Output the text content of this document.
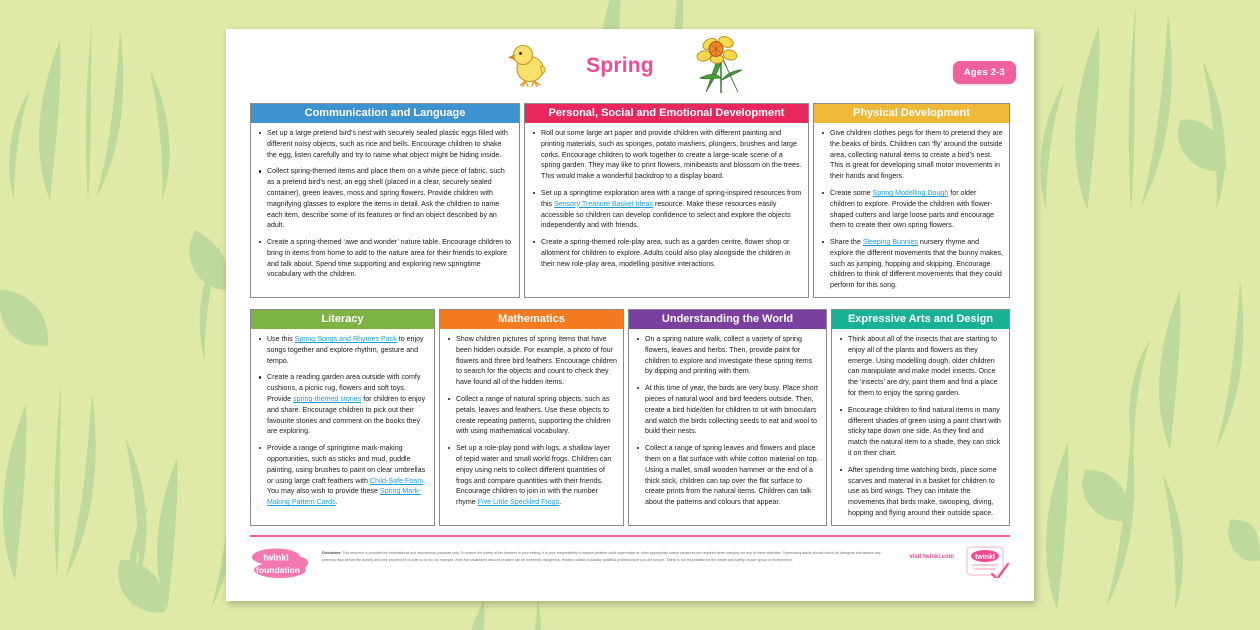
Spring	Ages 2-3
Communication and Language
Set up a large pretend bird’s nest with securely sealed plastic eggs filled with different noisy objects, such as rice and bells. Encourage children to shake the egg, listen carefully and try to name what object might be hiding inside.
Collect spring-themed items and place them on a white piece of fabric, such as a pretend bird’s nest, an egg shell (placed in a clear, securely sealed container), green leaves, moss and spring flowers. Provide children with magnifying glasses to explore the items in detail. Ask the children to name each item, describe some of its features or find an object described by an adult.
Create a spring-themed ‘awe and wonder’ nature table. Encourage children to bring in items from home to add to the nature area for their friends to explore and talk about. Spend time supporting and exploring new springtime vocabulary with the children.
Personal, Social and Emotional Development
Roll out some large art paper and provide children with different painting and printing materials, such as sponges, potato mashers, plungers, brushes and large corks. Encourage children to work together to create a large-scale scene of a spring garden. They may like to print flowers, minibeasts and blossom on the trees. This would make a wonderful backdrop to a display board.
Set up a springtime exploration area with a range of spring-inspired resources from this Sensory Treasure Basket Ideas resource. Make these resources easily accessible so children can develop confidence to select and explore the objects independently and with friends.
Create a spring-themed role-play area, such as a garden centre, flower shop or allotment for children to explore. Adults could also play alongside the children in their new role-play area, modelling positive interactions.
Physical Development
Give children clothes pegs for them to pretend they are the beaks of birds. Children can ‘fly’ around the outside area, collecting natural items to create a bird’s nest. This is great for developing small motor movements in their hands and fingers.
Create some Spring Modelling Dough for older children to explore. Provide the children with flower-shaped cutters and large loose parts and encourage them to create their own spring flowers.
Share the Sleeping Bunnies nursery rhyme and explore the different movements that the bunny makes, such as jumping, hopping and skipping. Encourage children to think of different movements that they could perform for this song.
Literacy
Use this Spring Songs and Rhymes Pack to enjoy songs together and explore rhythm, gesture and tempo.
Create a reading garden area outside with comfy cushions, a picnic rug, flowers and soft toys. Provide spring-themed stories for children to enjoy and share. Encourage children to pick out their favourite stories and comment on the books they are exploring.
Provide a range of springtime mark-making opportunities, such as sticks and mud, puddle painting, using brushes to paint on clear umbrellas or using large craft feathers with Child-Safe Foam. You may also wish to provide these Spring Mark-Making Pattern Cards.
Mathematics
Show children pictures of spring items that have been hidden outside. For example, a photo of four flowers and three bird feathers. Encourage children to search for the objects and count to check they have found all of the hidden items.
Collect a range of natural spring objects, such as petals, leaves and feathers. Use these objects to create repeating patterns, supporting the children with using mathematical vocabulary.
Set up a role-play pond with logs, a shallow layer of tepid water and small world frogs. Children can enjoy using nets to collect different quantities of frogs and compare quantities with their friends. Encourage children to join in with the number rhyme Five Little Speckled Frogs.
Understanding the World
On a spring nature walk, collect a variety of spring flowers, leaves and herbs. Then, provide paint for children to explore and investigate these spring items by dipping and printing with them.
At this time of year, the birds are very busy. Place short pieces of natural wool and bird feeders outside. Then, create a bird hide/den for children to sit with binoculars and watch the birds collecting seeds to eat and wool to build their nests.
Collect a range of spring leaves and flowers and place them on a flat surface with white cotton material on top. Using a mallet, small wooden hammer or the end of a thick stick, children can tap over the flat surface to create prints from the natural items. Children can talk about the patterns and colours that appear.
Expressive Arts and Design
Think about all of the insects that are starting to enjoy all of the plants and flowers as they emerge. Using modelling dough, older children can manipulate and make model insects. Once the ‘insects’ are dry, paint them and find a place for them to enjoy the spring garden.
Encourage children to find natural items in many different shades of green using a paint chart with sticky tape down one side. As they find and match the natural item to a shade, they can stick it on their chart.
After spending time watching birds, place some scarves and material in a basket for children to use as bird wings. They can imitate the movements that birds make, swooping, diving, hopping and flying around their outside space.
twinkl
foundation

Disclaimer: This resource is provided for informational and educational purposes only. To ensure the safety of the learners in your setting, it is your responsibility to assess whether adult supervision or other appropriate safety measures are required when carrying out any of these activities. Supervising adults should check for allergens and assess any potential risks before the activity and only proceed if it is safe to do so; for example, even the shallowest amount of water can be extremely dangerous. Please contact a suitably qualified professional if you are unsure. Twinkl is not responsible for the health and safety of your group or environment.	visit twinkl.com	twinkl
